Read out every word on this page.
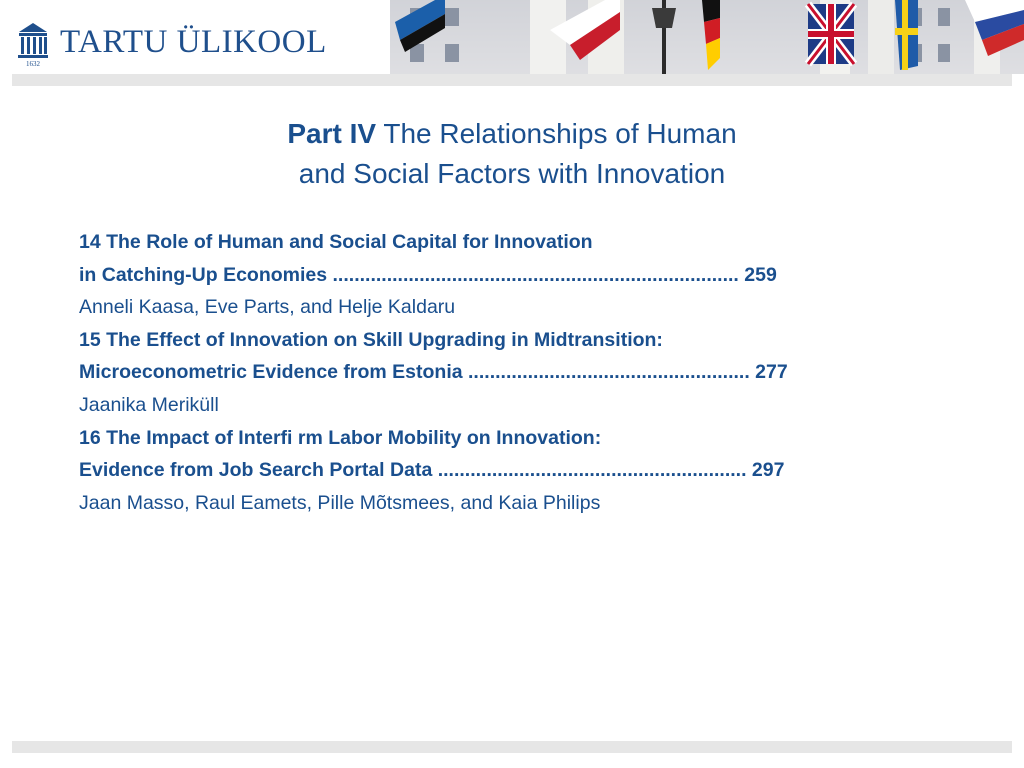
1632
TARTU ÜLIKOOL
Part IV The Relationships of Human
and Social Factors with Innovation
14 The Role of Human and Social Capital for Innovation
in Catching-Up Economies ........................................................................... 259
Anneli Kaasa, Eve Parts, and Helje Kaldaru
15 The Effect of Innovation on Skill Upgrading in Midtransition:
Microeconometric Evidence from Estonia .................................................... 277
Jaanika Meriküll
16 The Impact of Interfi rm Labor Mobility on Innovation:
Evidence from Job Search Portal Data ......................................................... 297
Jaan Masso, Raul Eamets, Pille Mõtsmees, and Kaia Philips
